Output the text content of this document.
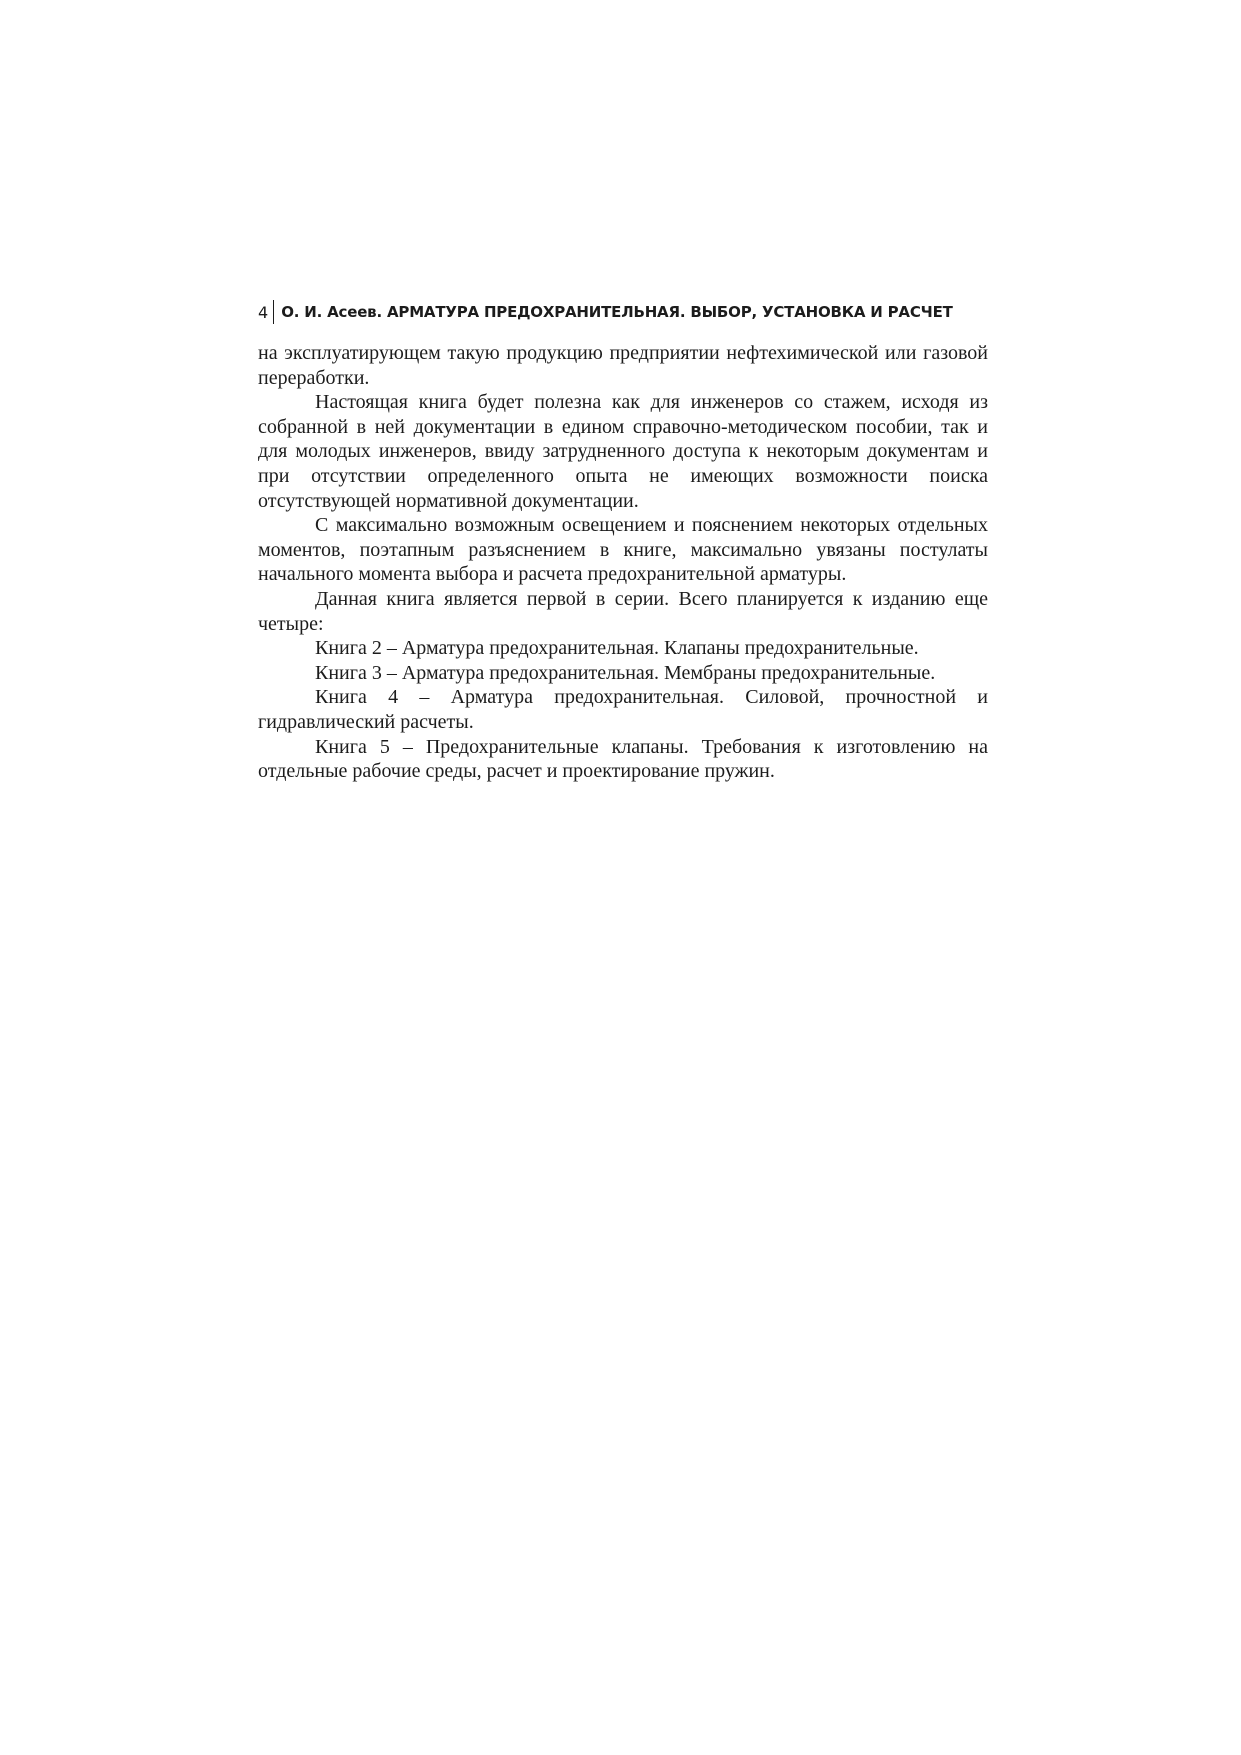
4 О. И. Асеев. АРМАТУРА ПРЕДОХРАНИТЕЛЬНАЯ. ВЫБОР, УСТАНОВКА И РАСЧЕТ

на эксплуатирующем такую продукцию предприятии нефтехимической или газовой переработки.

Настоящая книга будет полезна как для инженеров со стажем, исходя из собранной в ней документации в едином справочно-методическом пособии, так и для молодых инженеров, ввиду затрудненного доступа к некоторым документам и при отсутствии определенного опыта не имеющих возможности поиска отсутствующей нормативной документации.

С максимально возможным освещением и пояснением некоторых отдельных моментов, поэтапным разъяснением в книге, максимально увязаны постулаты начального момента выбора и расчета предохранительной арматуры.

Данная книга является первой в серии. Всего планируется к изданию еще четыре:

Книга 2 – Арматура предохранительная. Клапаны предохранительные.

Книга 3 – Арматура предохранительная. Мембраны предохранительные.

Книга 4 – Арматура предохранительная. Силовой, прочностной и гидравлический расчеты.

Книга 5 – Предохранительные клапаны. Требования к изготовлению на отдельные рабочие среды, расчет и проектирование пружин.
